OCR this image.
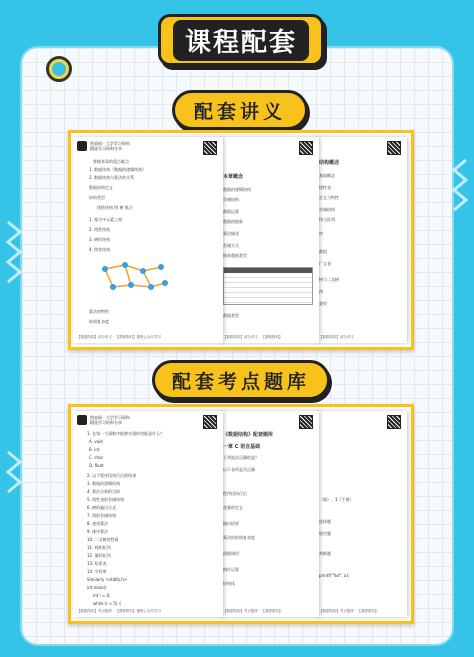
课程配套
配套讲义
结构概述
基础概念
线性表
定义与特性
存储结构
栈与队列
串
数组
广义表
树与二叉树
图
查找
【数据结构】部分讲义
本章概念
数据的逻辑结构
存储结构
数据运算
数据的抽象
算法描述
存储方式
抽象数据类型
数据类型
【数据结构】部分讲义 · 【课程资料】
图表网 · 大学学习资料
精选学习资料分享
掌握本章的重点难点
1. 数据结构（数据的逻辑结构）
2. 数据结构与算法的关系
数据结构定义
结构类型
线性结构 图 树 集合
1. 集合中元素之间
2. 线性结构
3. 树形结构
4. 图状结构
算法的特性
时间复杂度
【数据结构】部分讲义 · 【课程资料】课程公众号学习
配套考点题库
（填）、1（不填）
选择题
填空题
判断题
printf("%d", a);
【数据结构】考点题库 · 【课程资料】
《数据结构》配套题库
一章 C 语言基础
下列说法正确的是？
以下各项是否正确
程序段执行后
变量的定义
输出结果
算法的时间复杂度
函数调用
指针运算
结构体
【数据结构】考点题库 · 【课程资料】
图表网 · 大学学习资料
精选学习资料分享
1. 在第一个函数中能够实现的功能是什么？
A. void
B. int
C. char
D. float
2. 以下程序段执行后的结果
3. 数据的逻辑结构
4. 算法分析的目的
5. 线性表的存储结构
6. 树的遍历方式
7. 图的存储结构
8. 查找算法
9. 排序算法
10. 二叉树的性质
11. 栈和队列
12. 循环队列
13. 哈希表
14. 字符串
Similarly <stdlib.h>
int main()
int i = 0;
while (i < 5) {
【数据结构】考点题库 · 【课程资料】课程公众号学习
